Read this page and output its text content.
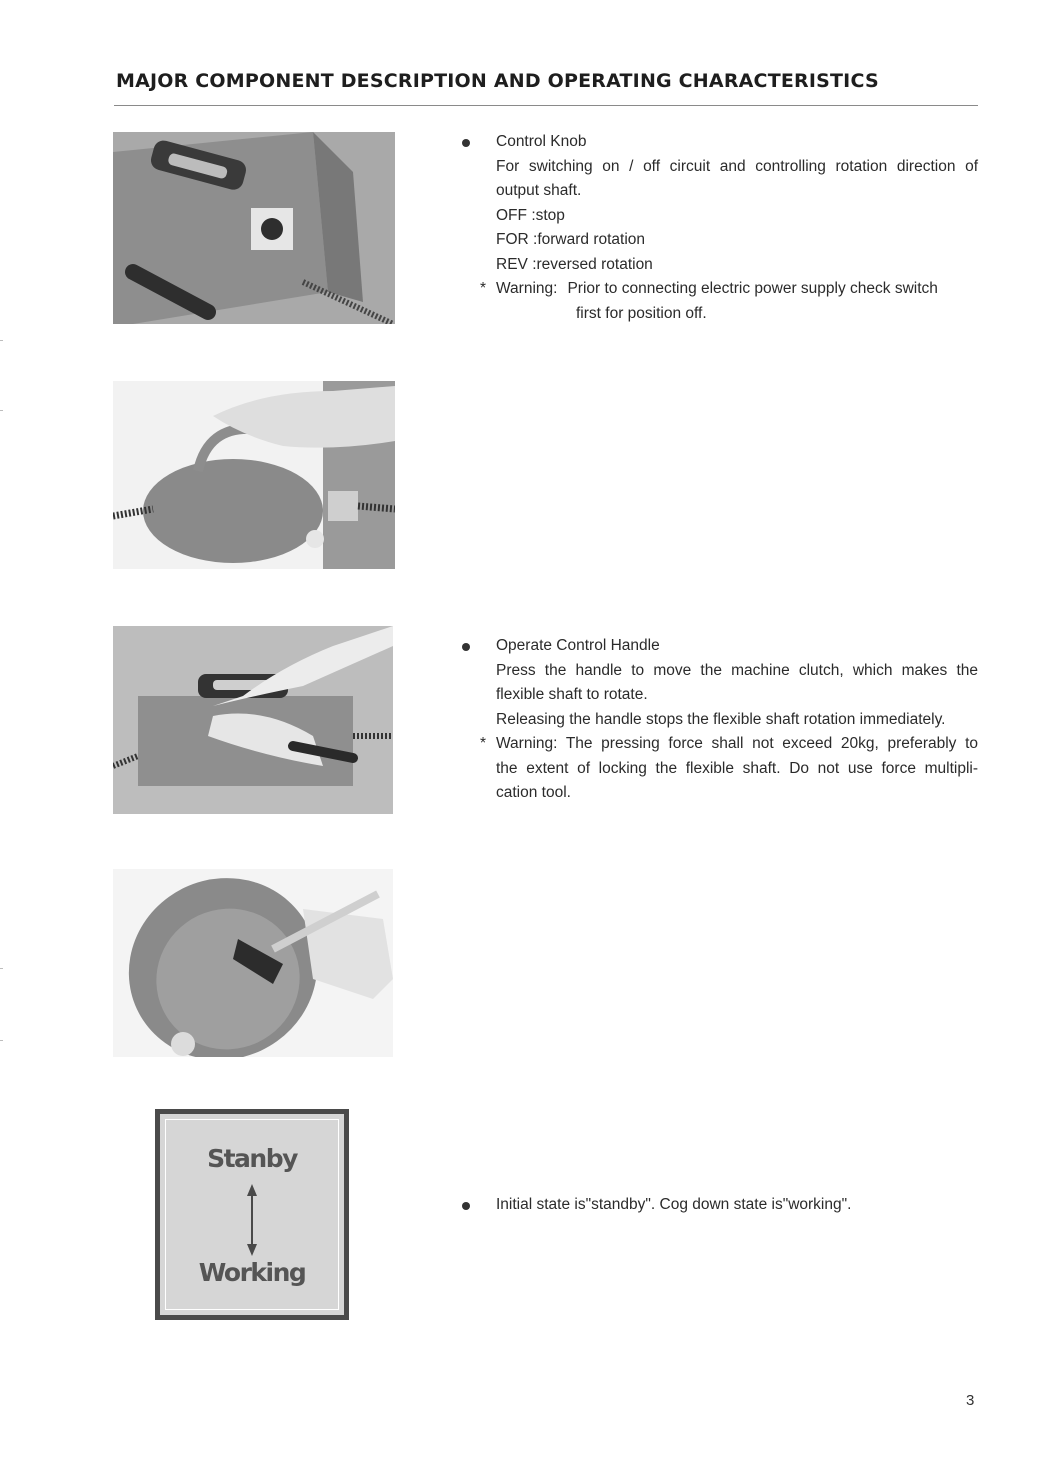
MAJOR COMPONENT DESCRIPTION AND OPERATING CHARACTERISTICS
Control Knob
For switching on / off circuit and controlling rotation direction of
output shaft.
OFF :stop
FOR :forward rotation
REV :reversed rotation
* Warning: Prior to connecting electric power supply check switch
first for position off.
Operate Control Handle
Press the handle to move the machine clutch, which makes the
flexible shaft to rotate.
Releasing the handle stops the flexible shaft rotation immediately.
* Warning: The pressing force shall not exceed 20kg, preferably to
the extent of locking the flexible shaft. Do not use force multipli-
cation tool.
Initial state is"standby". Cog down state is"working".
Stanby
Working
3
